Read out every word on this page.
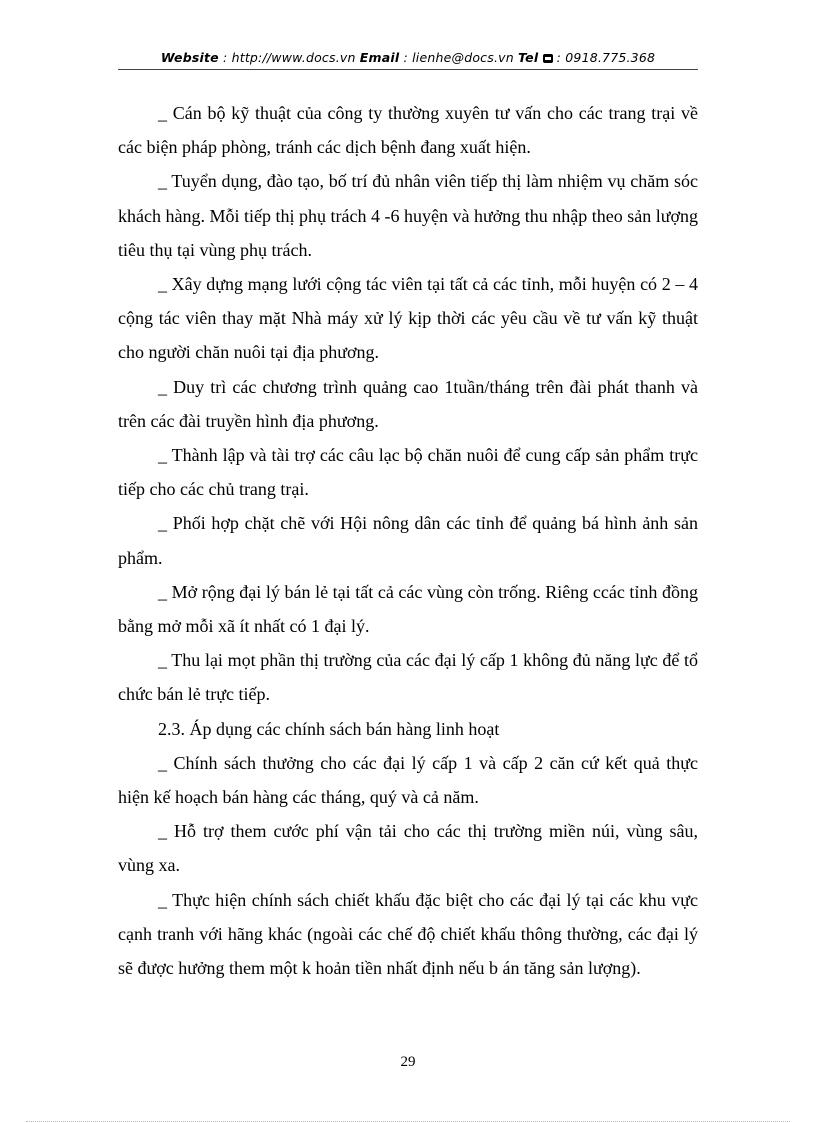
Website : http://www.docs.vn Email : lienhe@docs.vn Tel  : 0918.775.368

_ Cán bộ kỹ thuật của công ty thường xuyên tư vấn cho các trang trại về các biện pháp phòng, tránh các dịch bệnh đang xuất hiện.

_ Tuyển dụng, đào tạo, bố trí đủ nhân viên tiếp thị làm nhiệm vụ chăm sóc khách hàng. Mỗi tiếp thị phụ trách 4 -6 huyện và hưởng thu nhập theo sản lượng tiêu thụ tại vùng phụ trách.

_ Xây dựng mạng lưới cộng tác viên tại tất cả các tỉnh, mỗi huyện có 2 – 4 cộng tác viên thay mặt Nhà máy xử lý kịp thời các yêu cầu về tư vấn kỹ thuật cho người chăn nuôi tại địa phương.

_ Duy trì các chương trình quảng cao 1tuần/tháng trên đài phát thanh và trên các đài truyền hình địa phương.

_ Thành lập và tài trợ các câu lạc bộ chăn nuôi để cung cấp sản phẩm trực tiếp cho các chủ trang trại.

_ Phối hợp chặt chẽ với Hội nông dân các tỉnh để quảng bá hình ảnh sản phẩm.

_ Mở rộng đại lý bán lẻ tại tất cả các vùng còn trống. Riêng ccác tỉnh đồng bằng mở mỗi xã ít nhất có 1 đại lý.

_ Thu lại mọt phần thị trường của các đại lý cấp 1 không đủ năng lực để tổ chức bán lẻ trực tiếp.

2.3. Áp dụng các chính sách bán hàng linh hoạt

_ Chính sách thưởng cho các đại lý cấp 1 và cấp 2 căn cứ kết quả thực hiện kế hoạch bán hàng các tháng, quý và cả năm.

_ Hỗ trợ them cước phí vận tải cho các thị trường miền núi, vùng sâu, vùng xa.

_ Thực hiện chính sách chiết khấu đặc biệt cho các đại lý tại các khu vực cạnh tranh với hãng khác (ngoài các chế độ chiết khấu thông thường, các đại lý sẽ được hưởng them một k hoản tiền nhất định nếu b án tăng sản lượng).

29
